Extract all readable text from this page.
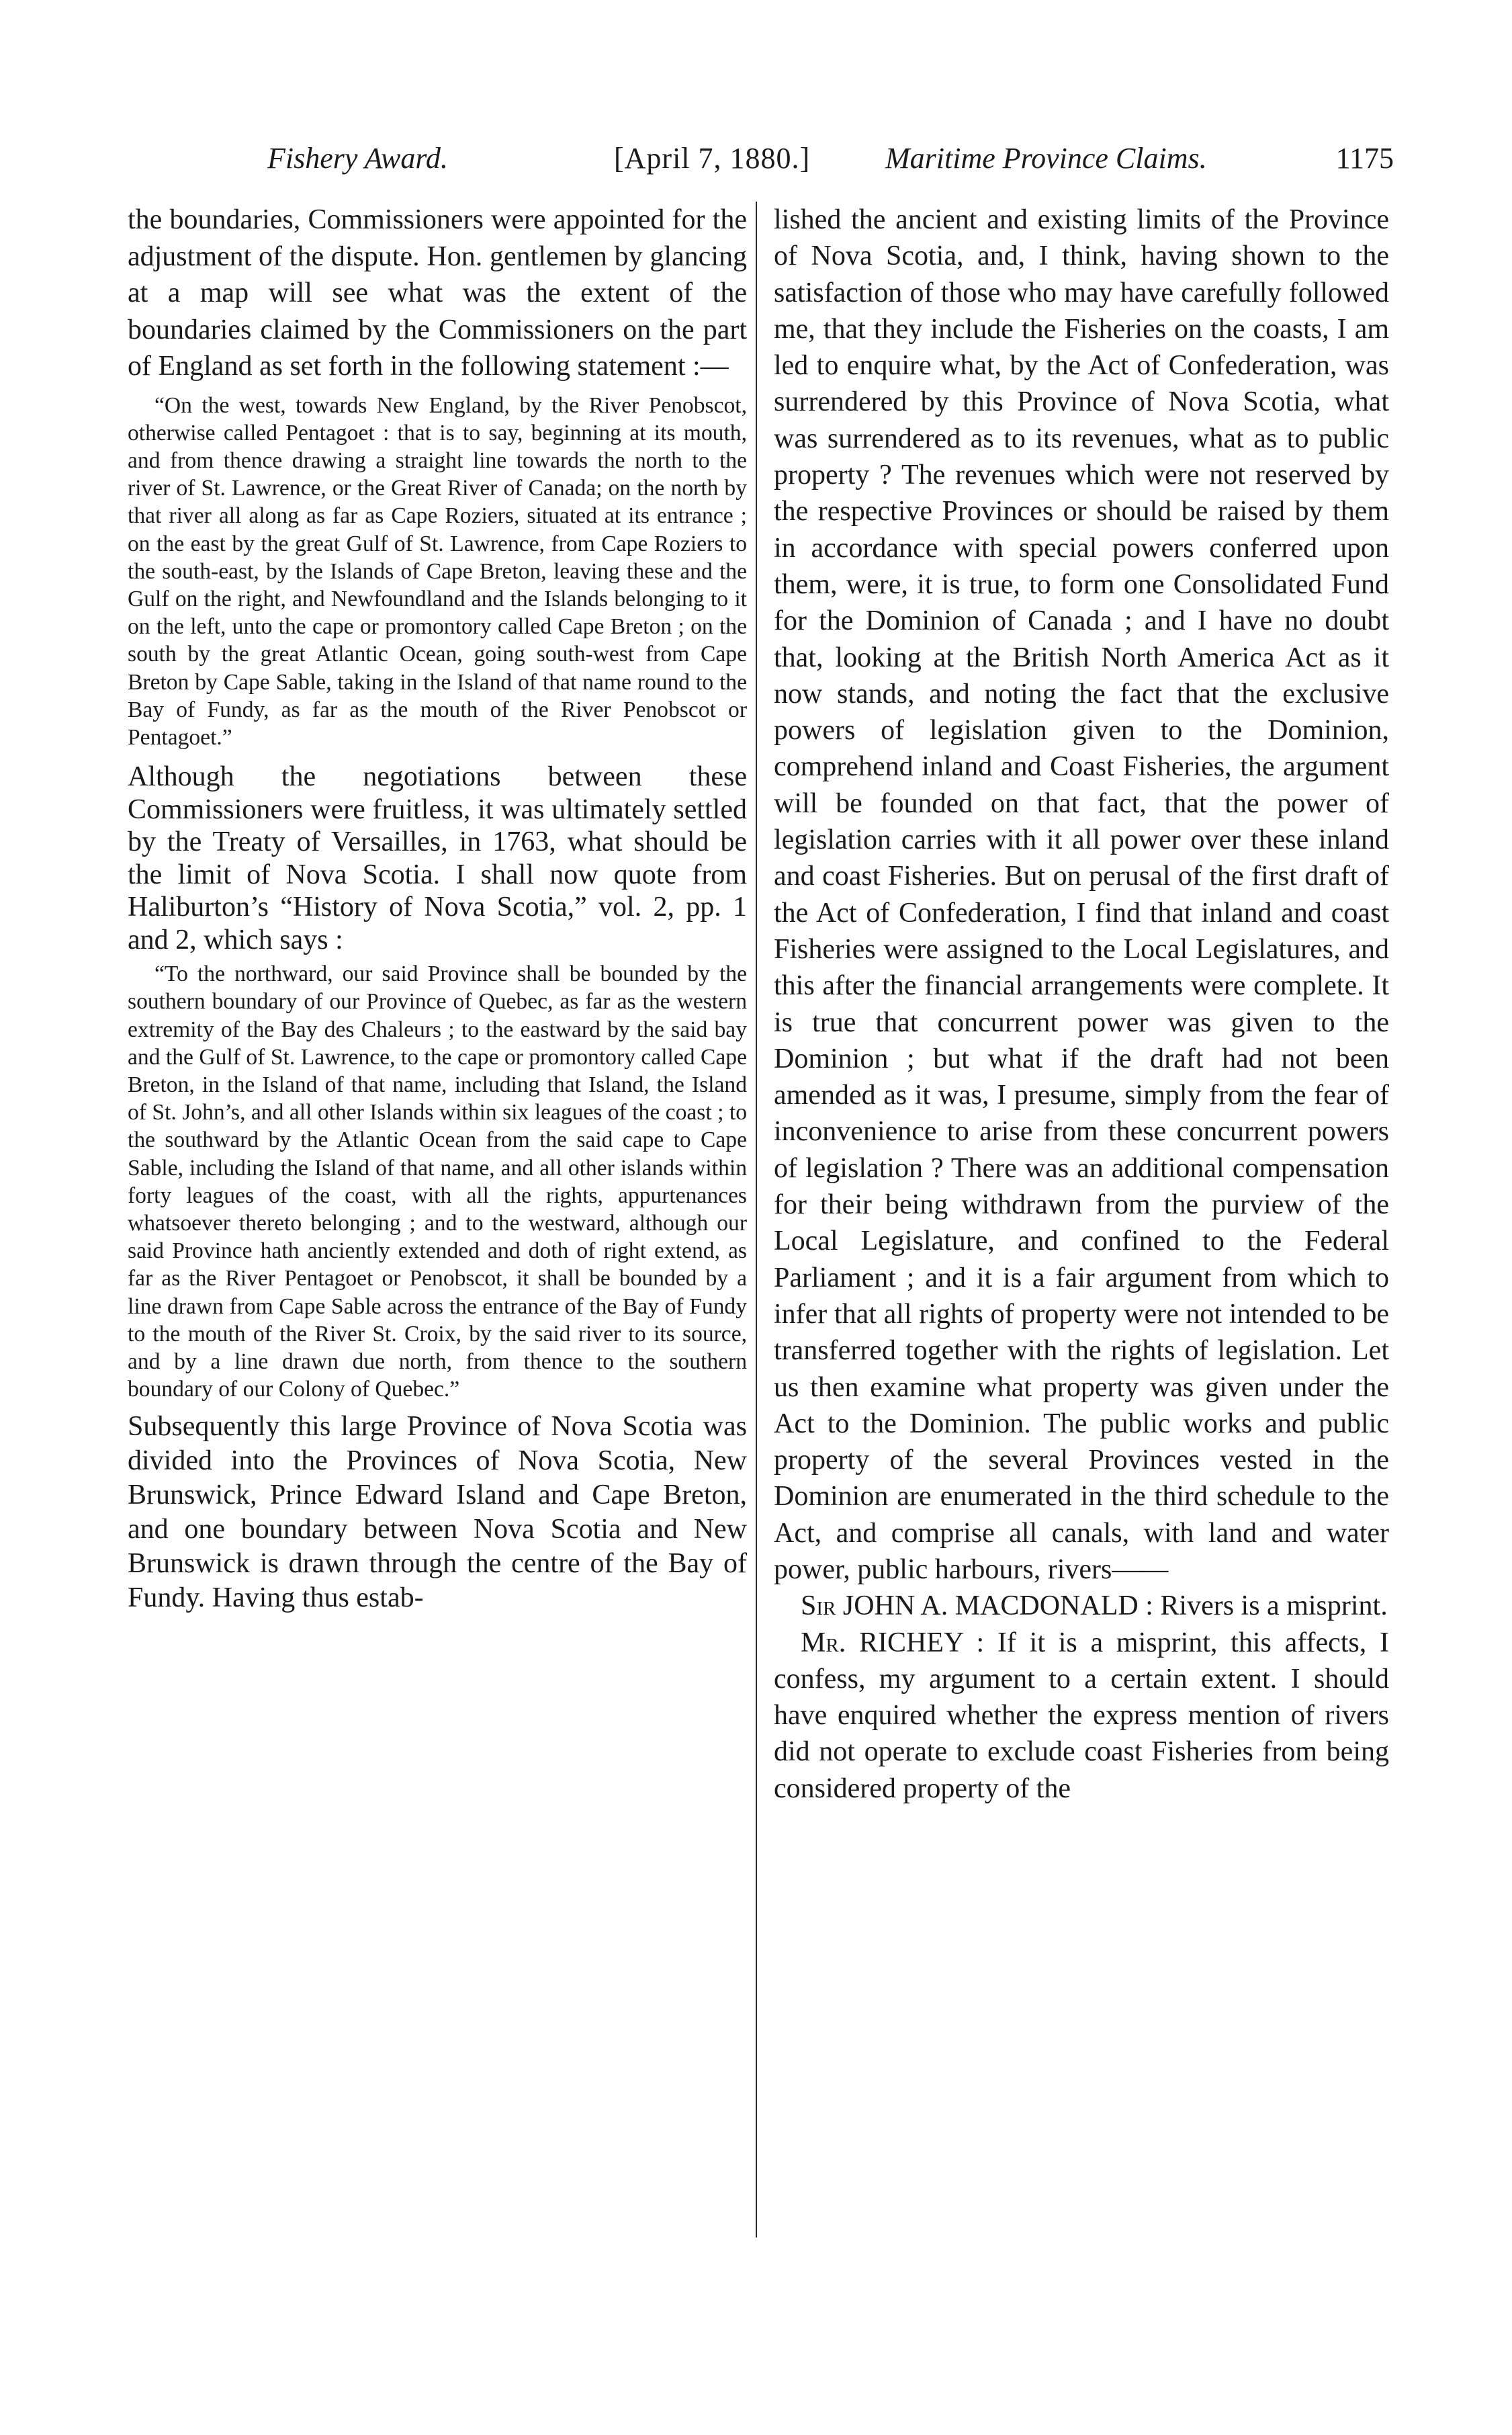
Fishery Award.	[April 7, 1880.]	Maritime Province Claims.	1175

the boundaries, Commissioners were appointed for the adjustment of the dispute. Hon. gentlemen by glancing at a map will see what was the extent of the boundaries claimed by the Commissioners on the part of England as set forth in the following statement :—

“On the west, towards New England, by the River Penobscot, otherwise called Pentagoet : that is to say, beginning at its mouth, and from thence drawing a straight line towards the north to the river of St. Lawrence, or the Great River of Canada; on the north by that river all along as far as Cape Roziers, situated at its entrance ; on the east by the great Gulf of St. Lawrence, from Cape Roziers to the south-east, by the Islands of Cape Breton, leaving these and the Gulf on the right, and Newfoundland and the Islands belonging to it on the left, unto the cape or promontory called Cape Breton ; on the south by the great Atlantic Ocean, going south-west from Cape Breton by Cape Sable, taking in the Island of that name round to the Bay of Fundy, as far as the mouth of the River Penobscot or Pentagoet.”

Although the negotiations between these Commissioners were fruitless, it was ultimately settled by the Treaty of Versailles, in 1763, what should be the limit of Nova Scotia. I shall now quote from Haliburton’s “History of Nova Scotia,” vol. 2, pp. 1 and 2, which says :

“To the northward, our said Province shall be bounded by the southern boundary of our Province of Quebec, as far as the western extremity of the Bay des Chaleurs ; to the eastward by the said bay and the Gulf of St. Lawrence, to the cape or promontory called Cape Breton, in the Island of that name, including that Island, the Island of St. John’s, and all other Islands within six leagues of the coast ; to the southward by the Atlantic Ocean from the said cape to Cape Sable, including the Island of that name, and all other islands within forty leagues of the coast, with all the rights, appurtenances whatsoever thereto belonging ; and to the westward, although our said Province hath anciently extended and doth of right extend, as far as the River Pentagoet or Penobscot, it shall be bounded by a line drawn from Cape Sable across the entrance of the Bay of Fundy to the mouth of the River St. Croix, by the said river to its source, and by a line drawn due north, from thence to the southern boundary of our Colony of Quebec.”

Subsequently this large Province of Nova Scotia was divided into the Provinces of Nova Scotia, New Brunswick, Prince Edward Island and Cape Breton, and one boundary between Nova Scotia and New Brunswick is drawn through the centre of the Bay of Fundy. Having thus estab-

lished the ancient and existing limits of the Province of Nova Scotia, and, I think, having shown to the satisfaction of those who may have carefully followed me, that they include the Fisheries on the coasts, I am led to enquire what, by the Act of Confederation, was surrendered by this Province of Nova Scotia, what was surrendered as to its revenues, what as to public property ? The revenues which were not reserved by the respective Provinces or should be raised by them in accordance with special powers conferred upon them, were, it is true, to form one Consolidated Fund for the Dominion of Canada ; and I have no doubt that, looking at the British North America Act as it now stands, and noting the fact that the exclusive powers of legislation given to the Dominion, comprehend inland and Coast Fisheries, the argument will be founded on that fact, that the power of legislation carries with it all power over these inland and coast Fisheries. But on perusal of the first draft of the Act of Confederation, I find that inland and coast Fisheries were assigned to the Local Legislatures, and this after the financial arrangements were complete. It is true that concurrent power was given to the Dominion ; but what if the draft had not been amended as it was, I presume, simply from the fear of inconvenience to arise from these concurrent powers of legislation ? There was an additional compensation for their being withdrawn from the purview of the Local Legislature, and confined to the Federal Parliament ; and it is a fair argument from which to infer that all rights of property were not intended to be transferred together with the rights of legislation. Let us then examine what property was given under the Act to the Dominion. The public works and public property of the several Provinces vested in the Dominion are enumerated in the third schedule to the Act, and comprise all canals, with land and water power, public harbours, rivers——

Sir JOHN A. MACDONALD : Rivers is a misprint.

Mr. RICHEY : If it is a misprint, this affects, I confess, my argument to a certain extent. I should have enquired whether the express mention of rivers did not operate to exclude coast Fisheries from being considered property of the
